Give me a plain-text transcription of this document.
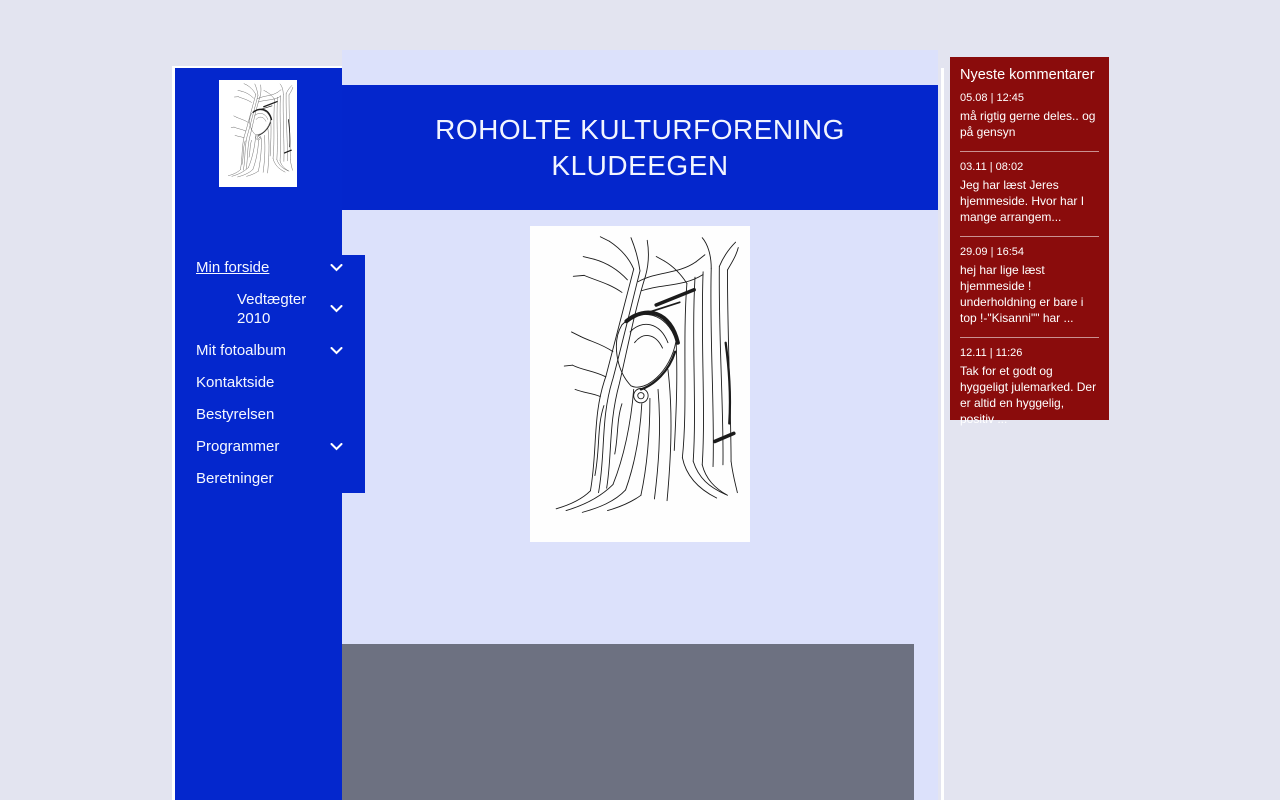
ROHOLTE KULTURFORENING
KLUDEEGEN
Min forside
Vedtægter 2010
Mit fotoalbum
Kontaktside
Bestyrelsen
Programmer
Beretninger
Nyeste kommentarer
05.08 | 12:45
må rigtig gerne deles.. og på gensyn
03.11 | 08:02
Jeg har læst Jeres hjemmeside. Hvor har I mange arrangem...
29.09 | 16:54
hej har lige læst hjemmeside ! underholdning er bare i top !-"Kisanni"" har ...
12.11 | 11:26
Tak for et godt og hyggeligt julemarked. Der er altid en hyggelig, positiv ...
